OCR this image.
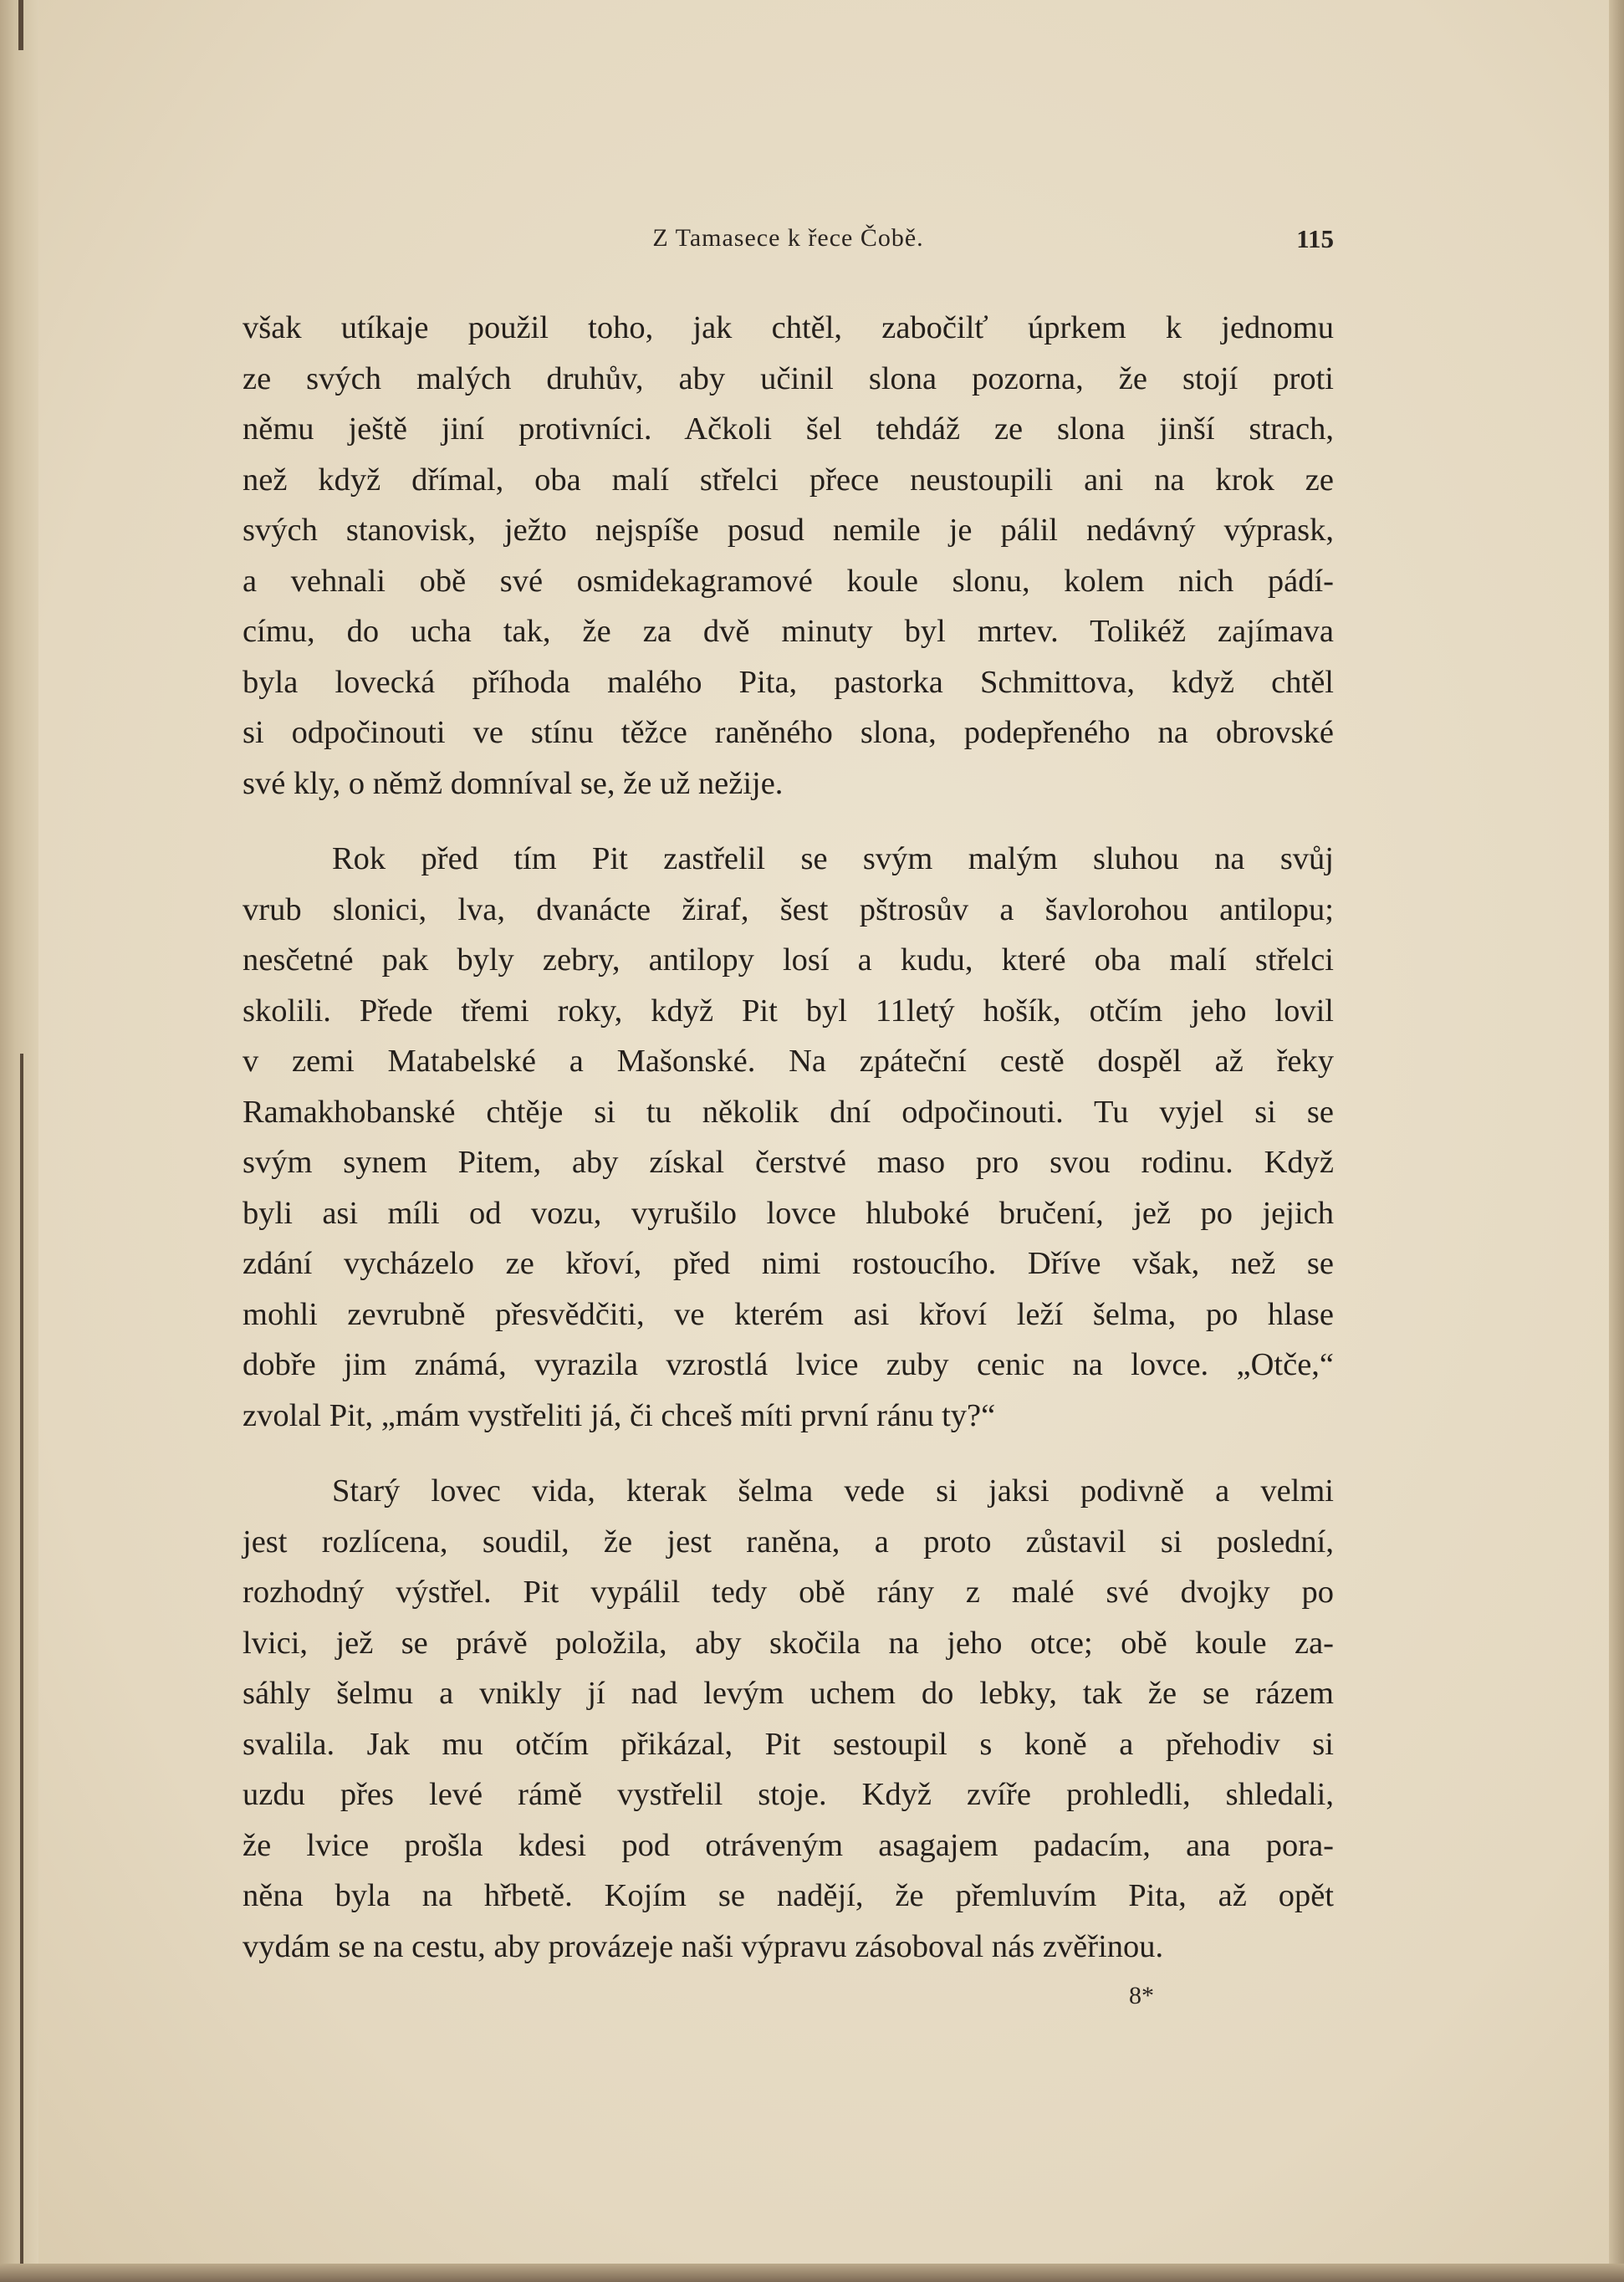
Z Tamasece k řece Čobě.	115

však utíkaje použil toho, jak chtěl, zabočilť úprkem k jednomu
ze svých malých druhův, aby učinil slona pozorna, že stojí proti
němu ještě jiní protivníci. Ačkoli šel tehdáž ze slona jinší strach,
než když dřímal, oba malí střelci přece neustoupili ani na krok ze
svých stanovisk, ježto nejspíše posud nemile je pálil nedávný výprask,
a vehnali obě své osmidekagramové koule slonu, kolem nich pádí-
címu, do ucha tak, že za dvě minuty byl mrtev. Tolikéž zajímava
byla lovecká příhoda malého Pita, pastorka Schmittova, když chtěl
si odpočinouti ve stínu těžce raněného slona, podepřeného na obrovské
své kly, o němž domníval se, že už nežije.

Rok před tím Pit zastřelil se svým malým sluhou na svůj
vrub slonici, lva, dvanácte žiraf, šest pštrosův a šavlorohou antilopu;
nesčetné pak byly zebry, antilopy losí a kudu, které oba malí střelci
skolili. Přede třemi roky, když Pit byl 11letý hošík, otčím jeho lovil
v zemi Matabelské a Mašonské. Na zpáteční cestě dospěl až řeky
Ramakhobanské chtěje si tu několik dní odpočinouti. Tu vyjel si se
svým synem Pitem, aby získal čerstvé maso pro svou rodinu. Když
byli asi míli od vozu, vyrušilo lovce hluboké bručení, jež po jejich
zdání vycházelo ze křoví, před nimi rostoucího. Dříve však, než se
mohli zevrubně přesvědčiti, ve kterém asi křoví leží šelma, po hlase
dobře jim známá, vyrazila vzrostlá lvice zuby cenic na lovce. „Otče,“
zvolal Pit, „mám vystřeliti já, či chceš míti první ránu ty?“

Starý lovec vida, kterak šelma vede si jaksi podivně a velmi
jest rozlícena, soudil, že jest raněna, a proto zůstavil si poslední,
rozhodný výstřel. Pit vypálil tedy obě rány z malé své dvojky po
lvici, jež se právě položila, aby skočila na jeho otce; obě koule za-
sáhly šelmu a vnikly jí nad levým uchem do lebky, tak že se rázem
svalila. Jak mu otčím přikázal, Pit sestoupil s koně a přehodiv si
uzdu přes levé rámě vystřelil stoje. Když zvíře prohledli, shledali,
že lvice prošla kdesi pod otráveným asagajem padacím, ana pora-
něna byla na hřbetě. Kojím se nadějí, že přemluvím Pita, až opět
vydám se na cestu, aby provázeje naši výpravu zásoboval nás zvěřinou.

8*
